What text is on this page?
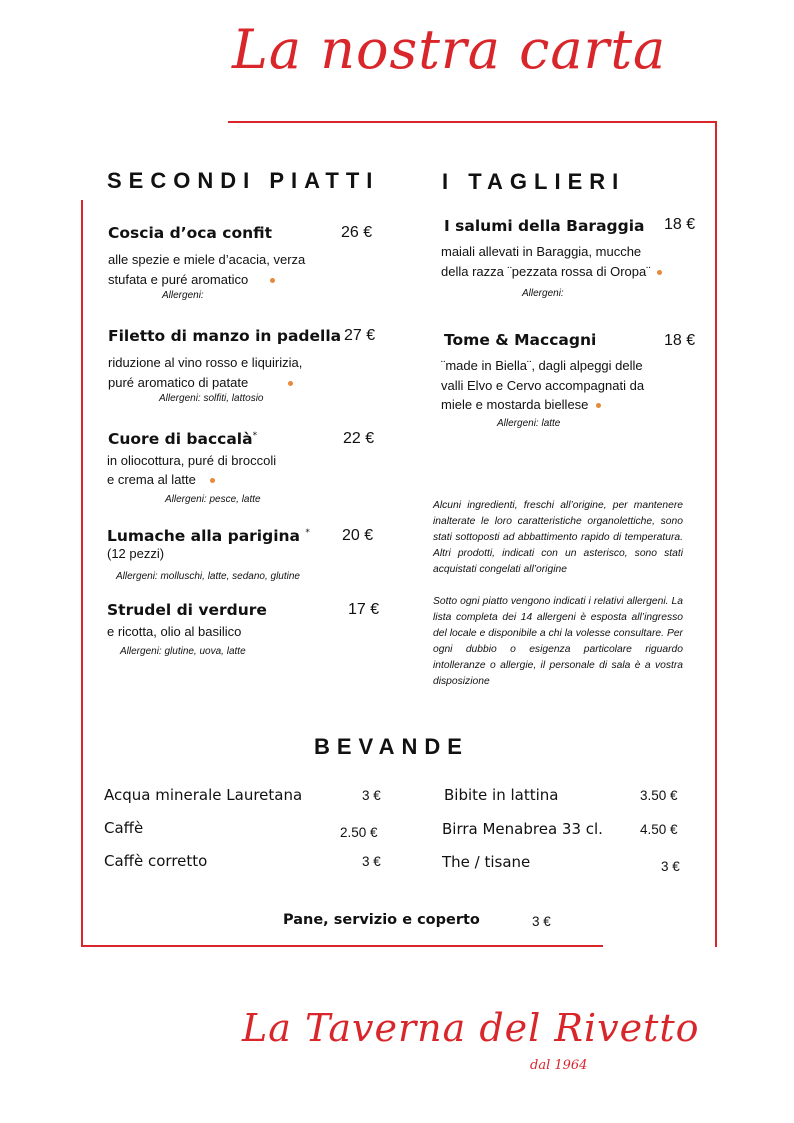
La nostra carta
SECONDI PIATTI
Coscia d’oca confit	26 €
alle spezie e miele d’acacia, verza
stufata e puré aromatico
Allergeni:
Filetto di manzo in padella 27 €
riduzione al vino rosso e liquirizia,
puré aromatico di patate
Allergeni: solfiti, lattosio
Cuore di baccalà*	22 €
in oliocottura, puré di broccoli
e crema al latte
Allergeni: pesce, latte
Lumache alla parigina * 20 €
(12 pezzi)
Allergeni: molluschi, latte, sedano, glutine
Strudel di verdure	17 €
e ricotta, olio al basilico
Allergeni: glutine, uova, latte
I TAGLIERI
I salumi della Baraggia 18 €
maiali allevati in Baraggia, mucche
della razza ¨pezzata rossa di Oropa¨
Allergeni:
Tome & Maccagni	18 €
¨made in Biella¨, dagli alpeggi delle
valli Elvo e Cervo accompagnati da
miele e mostarda biellese
Allergeni: latte
Alcuni ingredienti, freschi all’origine, per mantenere inalterate le loro caratteristiche organolettiche, sono stati sottoposti ad abbattimento rapido di temperatura. Altri prodotti, indicati con un asterisco, sono stati acquistati congelati all’origine
Sotto ogni piatto vengono indicati i relativi allergeni. La lista completa dei 14 allergeni è esposta all’ingresso del locale e disponibile a chi la volesse consultare. Per ogni dubbio o esigenza particolare riguardo intolleranze o allergie, il personale di sala è a vostra disposizione
BEVANDE
Acqua minerale Lauretana	3 €
Caffè	2.50 €
Caffè corretto	3 €
Bibite in lattina	3.50 €
Birra Menabrea 33 cl.	4.50 €
The / tisane	3 €
Pane, servizio e coperto	3 €
La Taverna del Rivetto
dal 1964
